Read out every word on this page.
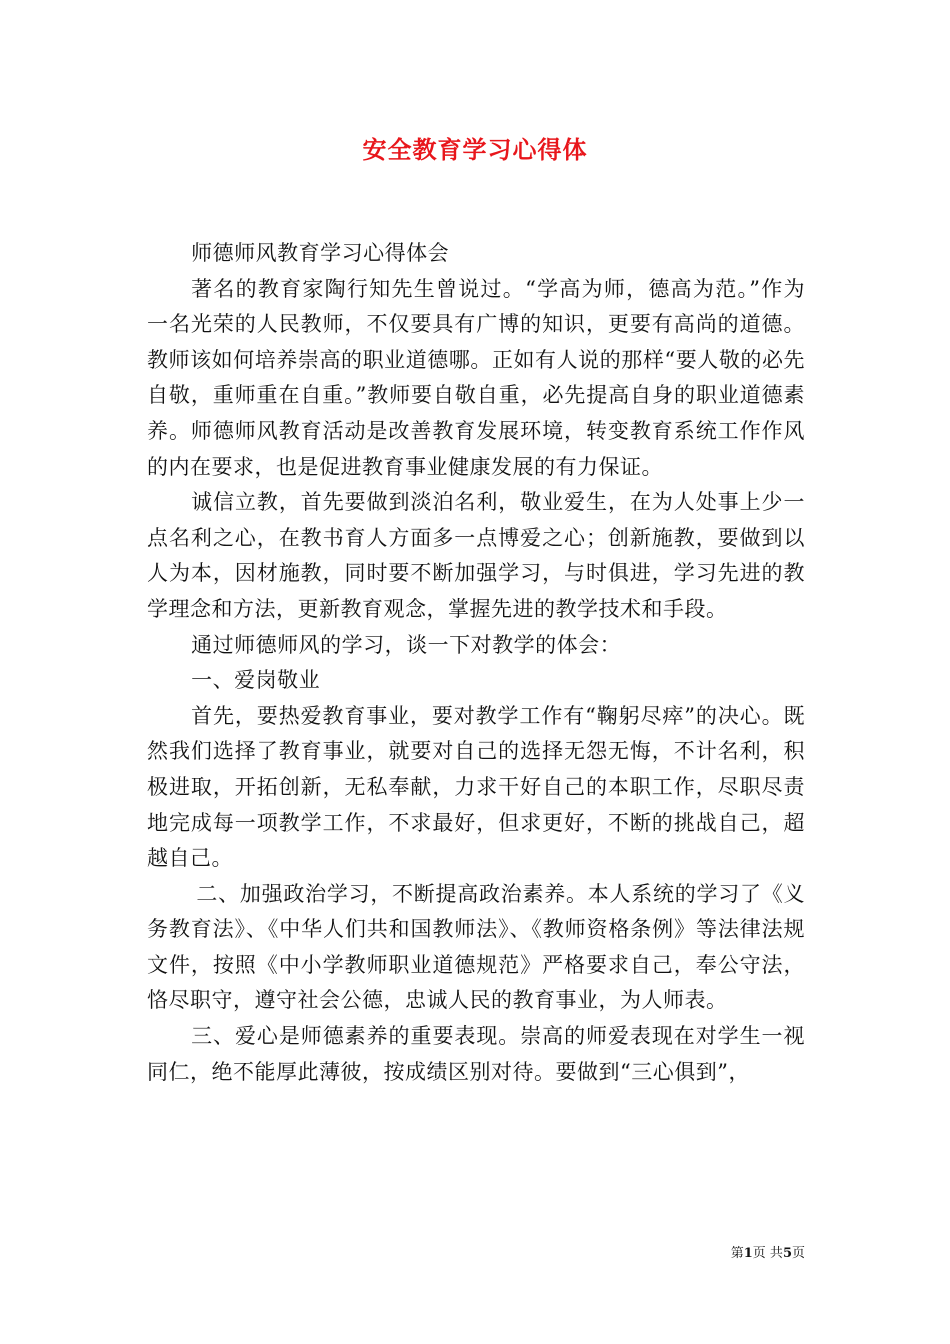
安全教育学习心得体

师德师风教育学习心得体会

著名的教育家陶行知先生曾说过。“学高为师，德高为范。”作为一名光荣的人民教师，不仅要具有广博的知识，更要有高尚的道德。教师该如何培养崇高的职业道德哪。正如有人说的那样“要人敬的必先自敬，重师重在自重。”教师要自敬自重，必先提高自身的职业道德素养。师德师风教育活动是改善教育发展环境，转变教育系统工作作风的内在要求，也是促进教育事业健康发展的有力保证。

诚信立教，首先要做到淡泊名利，敬业爱生，在为人处事上少一点名利之心，在教书育人方面多一点博爱之心；创新施教，要做到以人为本，因材施教，同时要不断加强学习，与时俱进，学习先进的教学理念和方法，更新教育观念，掌握先进的教学技术和手段。

通过师德师风的学习，谈一下对教学的体会：

一、爱岗敬业

首先，要热爱教育事业，要对教学工作有“鞠躬尽瘁”的决心。既然我们选择了教育事业，就要对自己的选择无怨无悔，不计名利，积极进取，开拓创新，无私奉献，力求干好自己的本职工作，尽职尽责地完成每一项教学工作，不求最好，但求更好，不断的挑战自己，超越自己。

二、加强政治学习，不断提高政治素养。本人系统的学习了《义务教育法》、《中华人们共和国教师法》、《教师资格条例》等法律法规文件，按照《中小学教师职业道德规范》严格要求自己，奉公守法，恪尽职守，遵守社会公德，忠诚人民的教育事业，为人师表。

三、爱心是师德素养的重要表现。崇高的师爱表现在对学生一视同仁，绝不能厚此薄彼，按成绩区别对待。要做到“三心俱到”，

第1页 共5页
